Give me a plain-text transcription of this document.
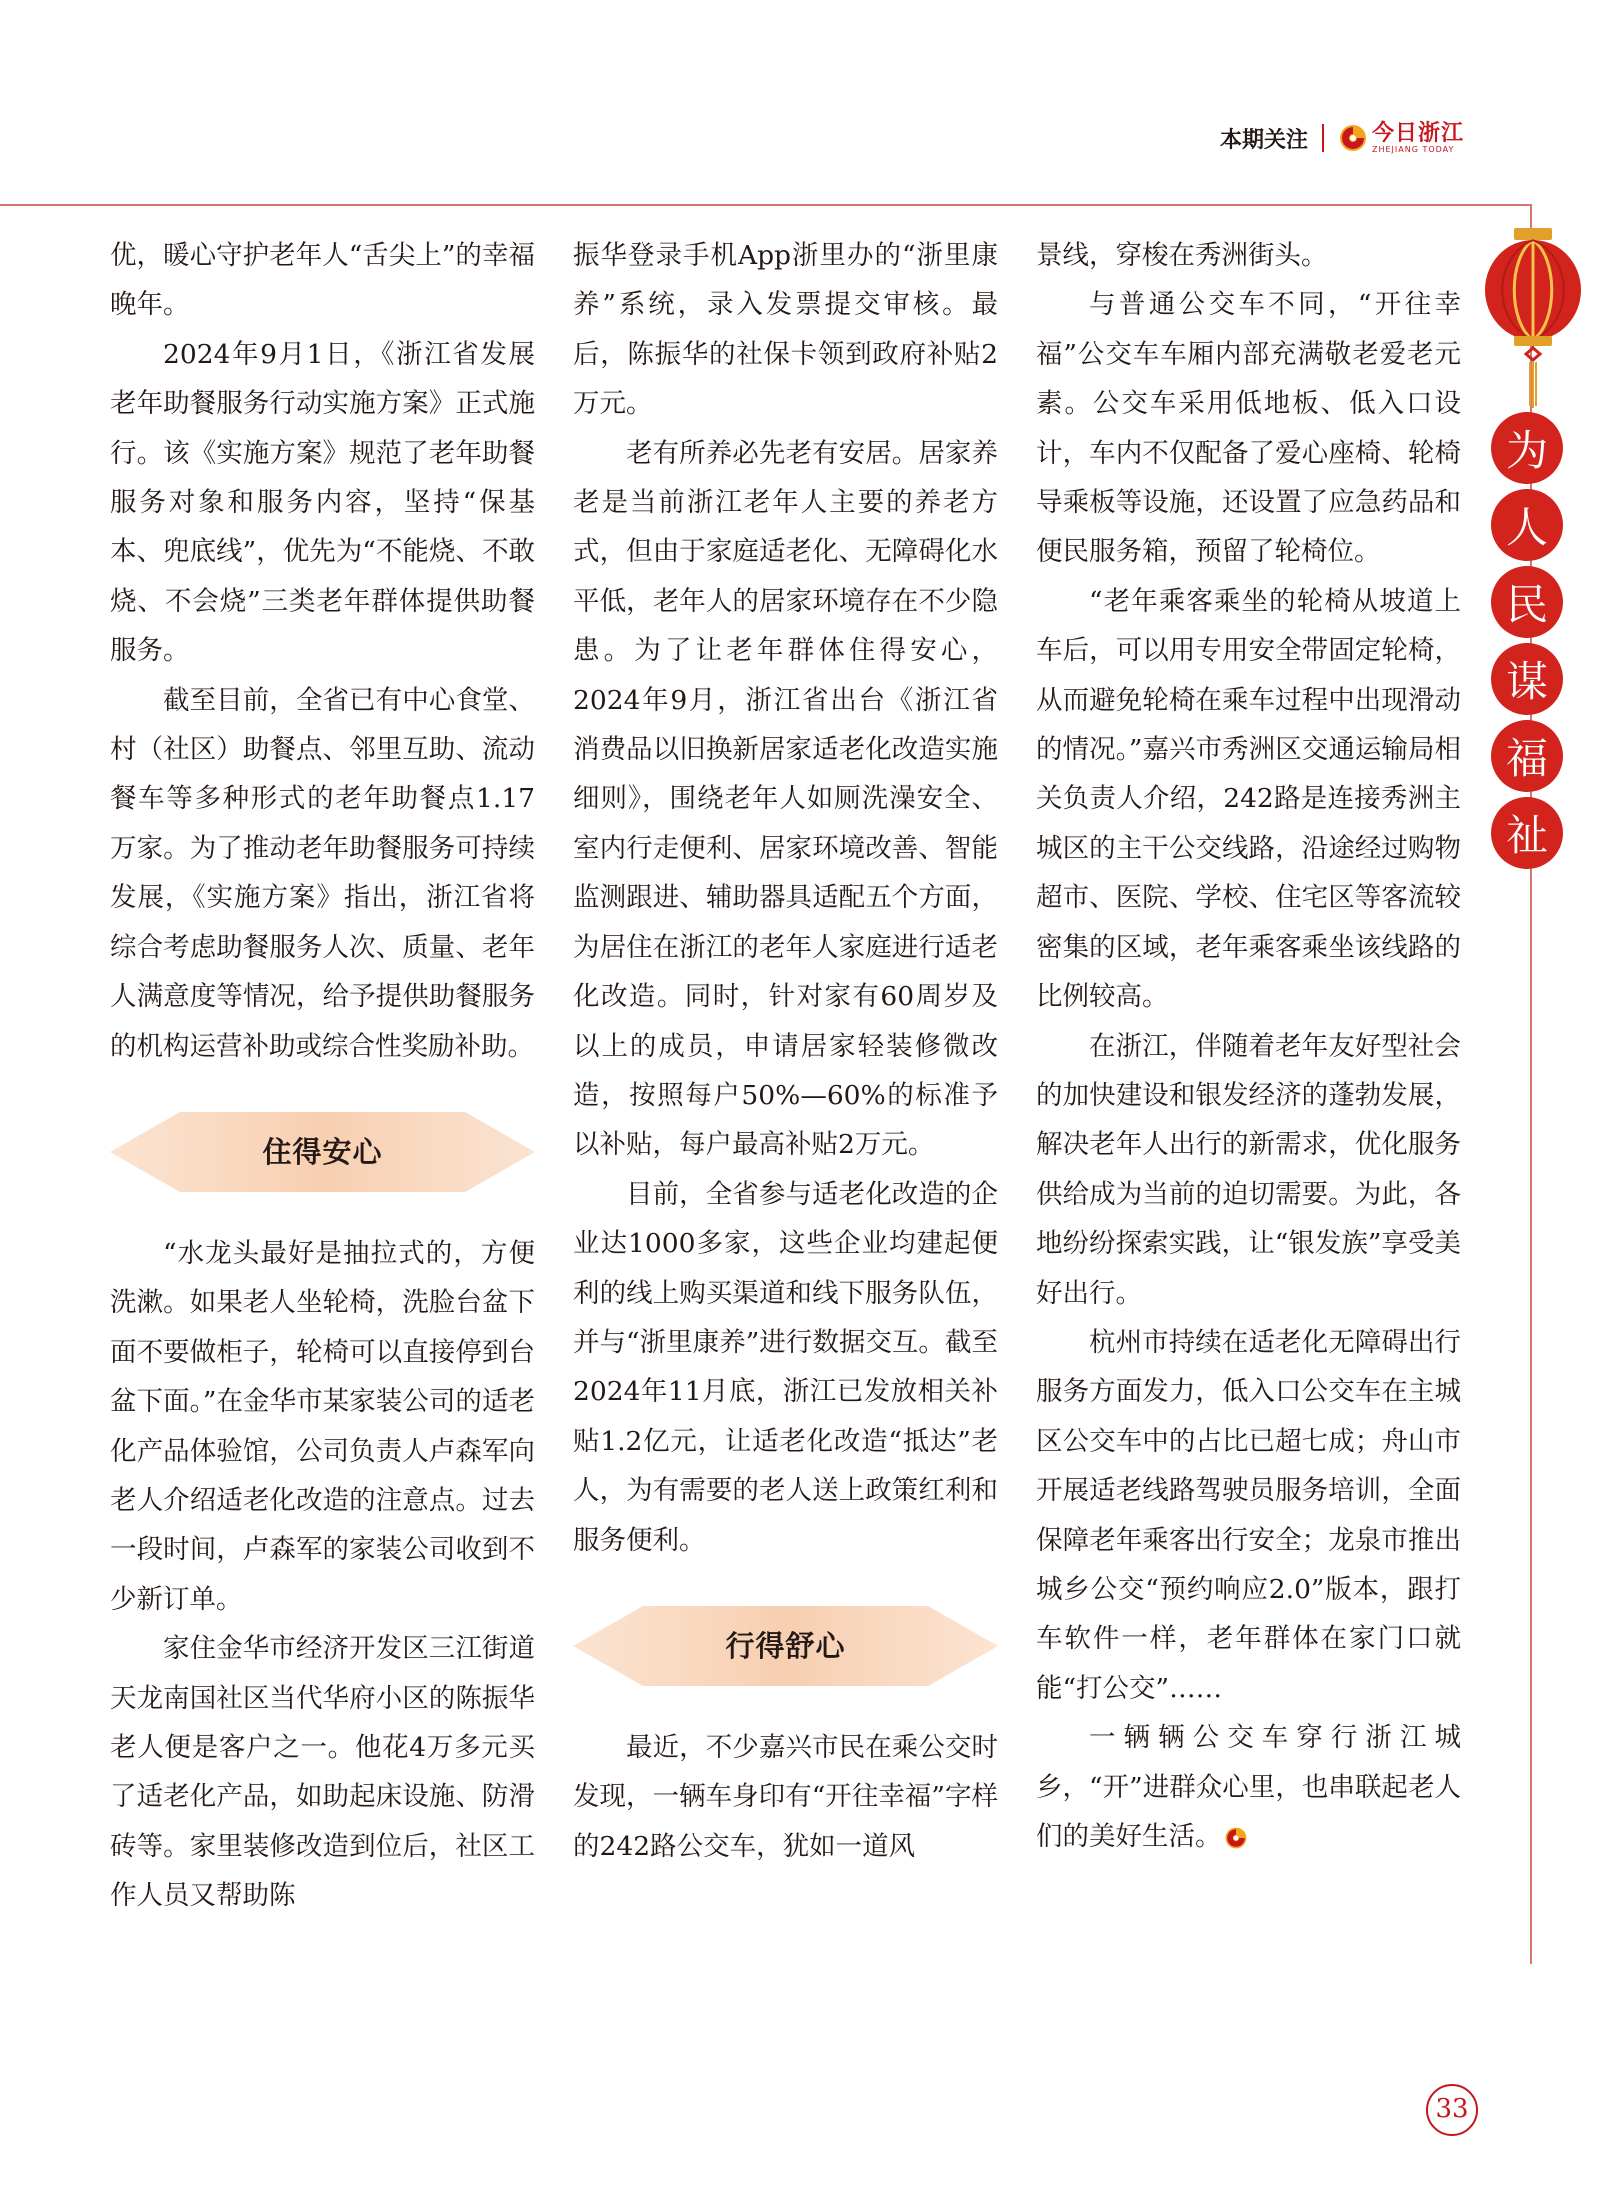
本期关注	今日浙江
ZHEJIANG TODAY
为
人
民
谋
福
祉

优，暖心守护老年人“舌尖上”的幸福晚年。

2024年9月1日，《浙江省发展老年助餐服务行动实施方案》正式施行。该《实施方案》规范了老年助餐服务对象和服务内容，坚持“保基本、兜底线”，优先为“不能烧、不敢烧、不会烧”三类老年群体提供助餐服务。

截至目前，全省已有中心食堂、村（社区）助餐点、邻里互助、流动餐车等多种形式的老年助餐点1.17万家。为了推动老年助餐服务可持续发展，《实施方案》指出，浙江省将综合考虑助餐服务人次、质量、老年人满意度等情况，给予提供助餐服务的机构运营补助或综合性奖励补助。

住得安心

“水龙头最好是抽拉式的，方便洗漱。如果老人坐轮椅，洗脸台盆下面不要做柜子，轮椅可以直接停到台盆下面。”在金华市某家装公司的适老化产品体验馆，公司负责人卢森军向老人介绍适老化改造的注意点。过去一段时间，卢森军的家装公司收到不少新订单。

家住金华市经济开发区三江街道天龙南国社区当代华府小区的陈振华老人便是客户之一。他花4万多元买了适老化产品，如助起床设施、防滑砖等。家里装修改造到位后，社区工作人员又帮助陈

振华登录手机App浙里办的“浙里康养”系统，录入发票提交审核。最后，陈振华的社保卡领到政府补贴2万元。

老有所养必先老有安居。居家养老是当前浙江老年人主要的养老方式，但由于家庭适老化、无障碍化水平低，老年人的居家环境存在不少隐患。为了让老年群体住得安心，2024年9月，浙江省出台《浙江省消费品以旧换新居家适老化改造实施细则》，围绕老年人如厕洗澡安全、室内行走便利、居家环境改善、智能监测跟进、辅助器具适配五个方面，为居住在浙江的老年人家庭进行适老化改造。同时，针对家有60周岁及以上的成员，申请居家轻装修微改造，按照每户50%—60%的标准予以补贴，每户最高补贴2万元。

目前，全省参与适老化改造的企业达1000多家，这些企业均建起便利的线上购买渠道和线下服务队伍，并与“浙里康养”进行数据交互。截至2024年11月底，浙江已发放相关补贴1.2亿元，让适老化改造“抵达”老人，为有需要的老人送上政策红利和服务便利。

行得舒心

最近，不少嘉兴市民在乘公交时发现，一辆车身印有“开往幸福”字样的242路公交车，犹如一道风

景线，穿梭在秀洲街头。

与普通公交车不同，“开往幸福”公交车车厢内部充满敬老爱老元素。公交车采用低地板、低入口设计，车内不仅配备了爱心座椅、轮椅导乘板等设施，还设置了应急药品和便民服务箱，预留了轮椅位。

“老年乘客乘坐的轮椅从坡道上车后，可以用专用安全带固定轮椅，从而避免轮椅在乘车过程中出现滑动的情况。”嘉兴市秀洲区交通运输局相关负责人介绍，242路是连接秀洲主城区的主干公交线路，沿途经过购物超市、医院、学校、住宅区等客流较密集的区域，老年乘客乘坐该线路的比例较高。

在浙江，伴随着老年友好型社会的加快建设和银发经济的蓬勃发展，解决老年人出行的新需求，优化服务供给成为当前的迫切需要。为此，各地纷纷探索实践，让“银发族”享受美好出行。

杭州市持续在适老化无障碍出行服务方面发力，低入口公交车在主城区公交车中的占比已超七成；舟山市开展适老线路驾驶员服务培训，全面保障老年乘客出行安全；龙泉市推出城乡公交“预约响应2.0”版本，跟打车软件一样，老年群体在家门口就能“打公交”……

一辆辆公交车穿行浙江城乡，“开”进群众心里，也串联起老人们的美好生活。

33
